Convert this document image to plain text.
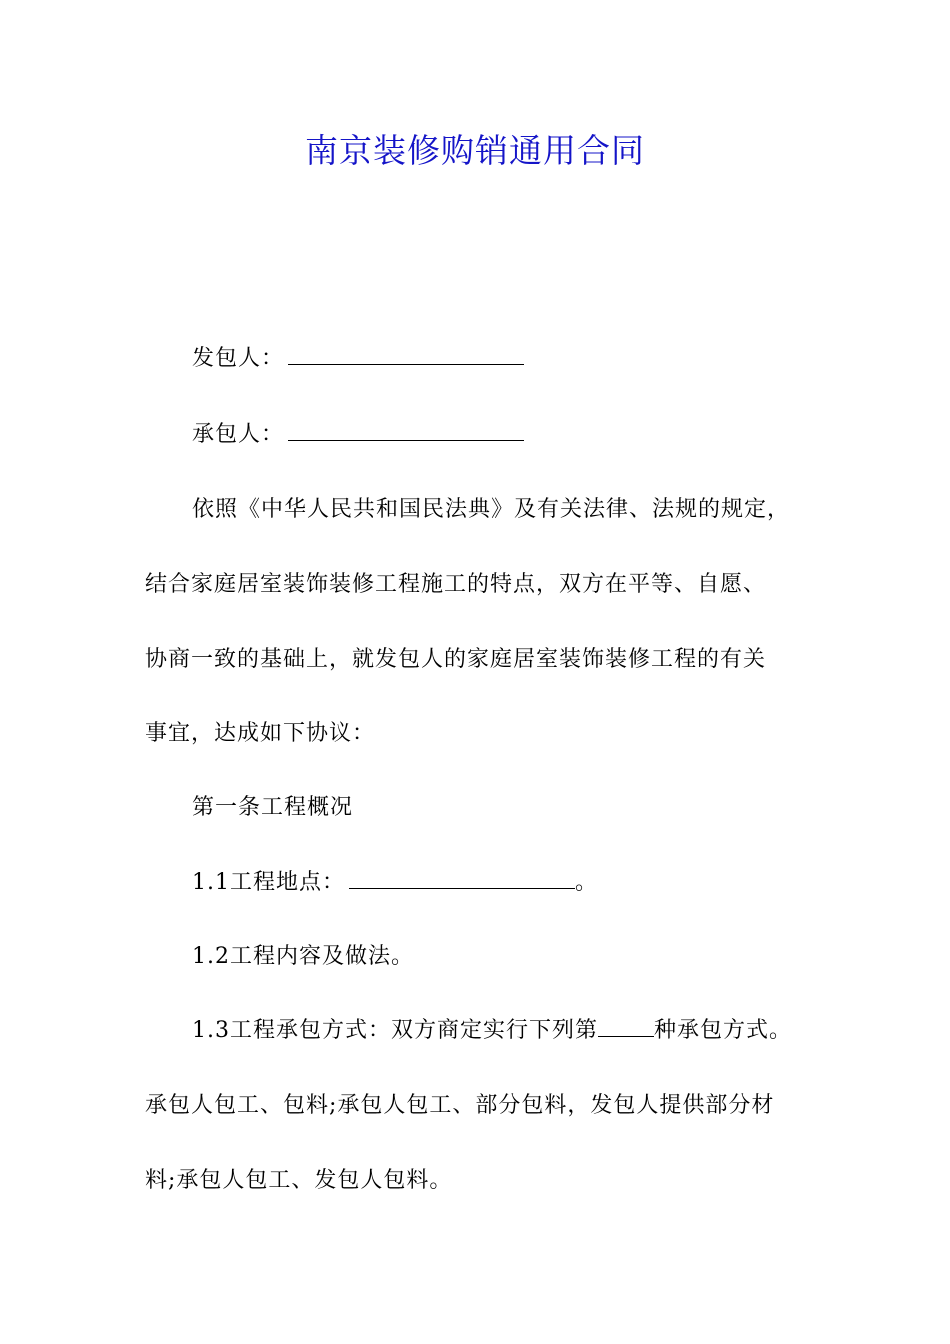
南京装修购销通用合同
发包人：
承包人：
依照《中华人民共和国民法典》及有关法律、法规的规定，
结合家庭居室装饰装修工程施工的特点，双方在平等、自愿、
协商一致的基础上，就发包人的家庭居室装饰装修工程的有关
事宜，达成如下协议：
第一条工程概况
1.1工程地点：	。
1.2工程内容及做法。
1.3工程承包方式：双方商定实行下列第	种承包方式。
承包人包工、包料;承包人包工、部分包料，发包人提供部分材
料;承包人包工、发包人包料。
